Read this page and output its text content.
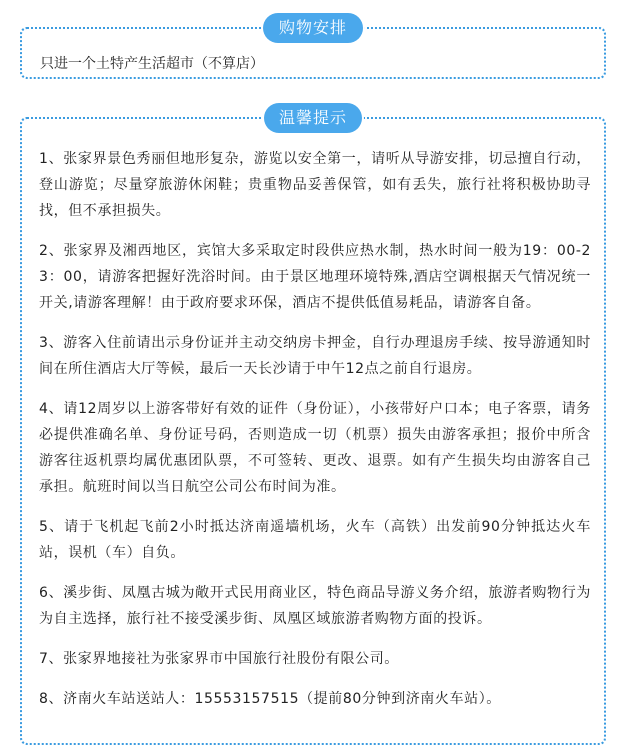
购物安排
只进一个土特产生活超市（不算店）
温馨提示

1、张家界景色秀丽但地形复杂，游览以安全第一，请听从导游安排，切忌擅自行动，登山游览；尽量穿旅游休闲鞋；贵重物品妥善保管，如有丢失，旅行社将积极协助寻找，但不承担损失。

2、张家界及湘西地区，宾馆大多采取定时段供应热水制，热水时间一般为19：00-23：00，请游客把握好洗浴时间。由于景区地理环境特殊,酒店空调根据天气情况统一开关,请游客理解！由于政府要求环保，酒店不提供低值易耗品，请游客自备。

3、游客入住前请出示身份证并主动交纳房卡押金，自行办理退房手续、按导游通知时间在所住酒店大厅等候，最后一天长沙请于中午12点之前自行退房。

4、请12周岁以上游客带好有效的证件（身份证），小孩带好户口本；电子客票，请务必提供准确名单、身份证号码，否则造成一切（机票）损失由游客承担；报价中所含游客往返机票均属优惠团队票，不可签转、更改、退票。如有产生损失均由游客自己承担。航班时间以当日航空公司公布时间为准。

5、请于飞机起飞前2小时抵达济南遥墙机场，火车（高铁）出发前90分钟抵达火车站，误机（车）自负。

6、溪步街、凤凰古城为敞开式民用商业区，特色商品导游义务介绍，旅游者购物行为为自主选择，旅行社不接受溪步街、凤凰区域旅游者购物方面的投诉。

7、张家界地接社为张家界市中国旅行社股份有限公司。

8、济南火车站送站人：15553157515（提前80分钟到济南火车站）。
